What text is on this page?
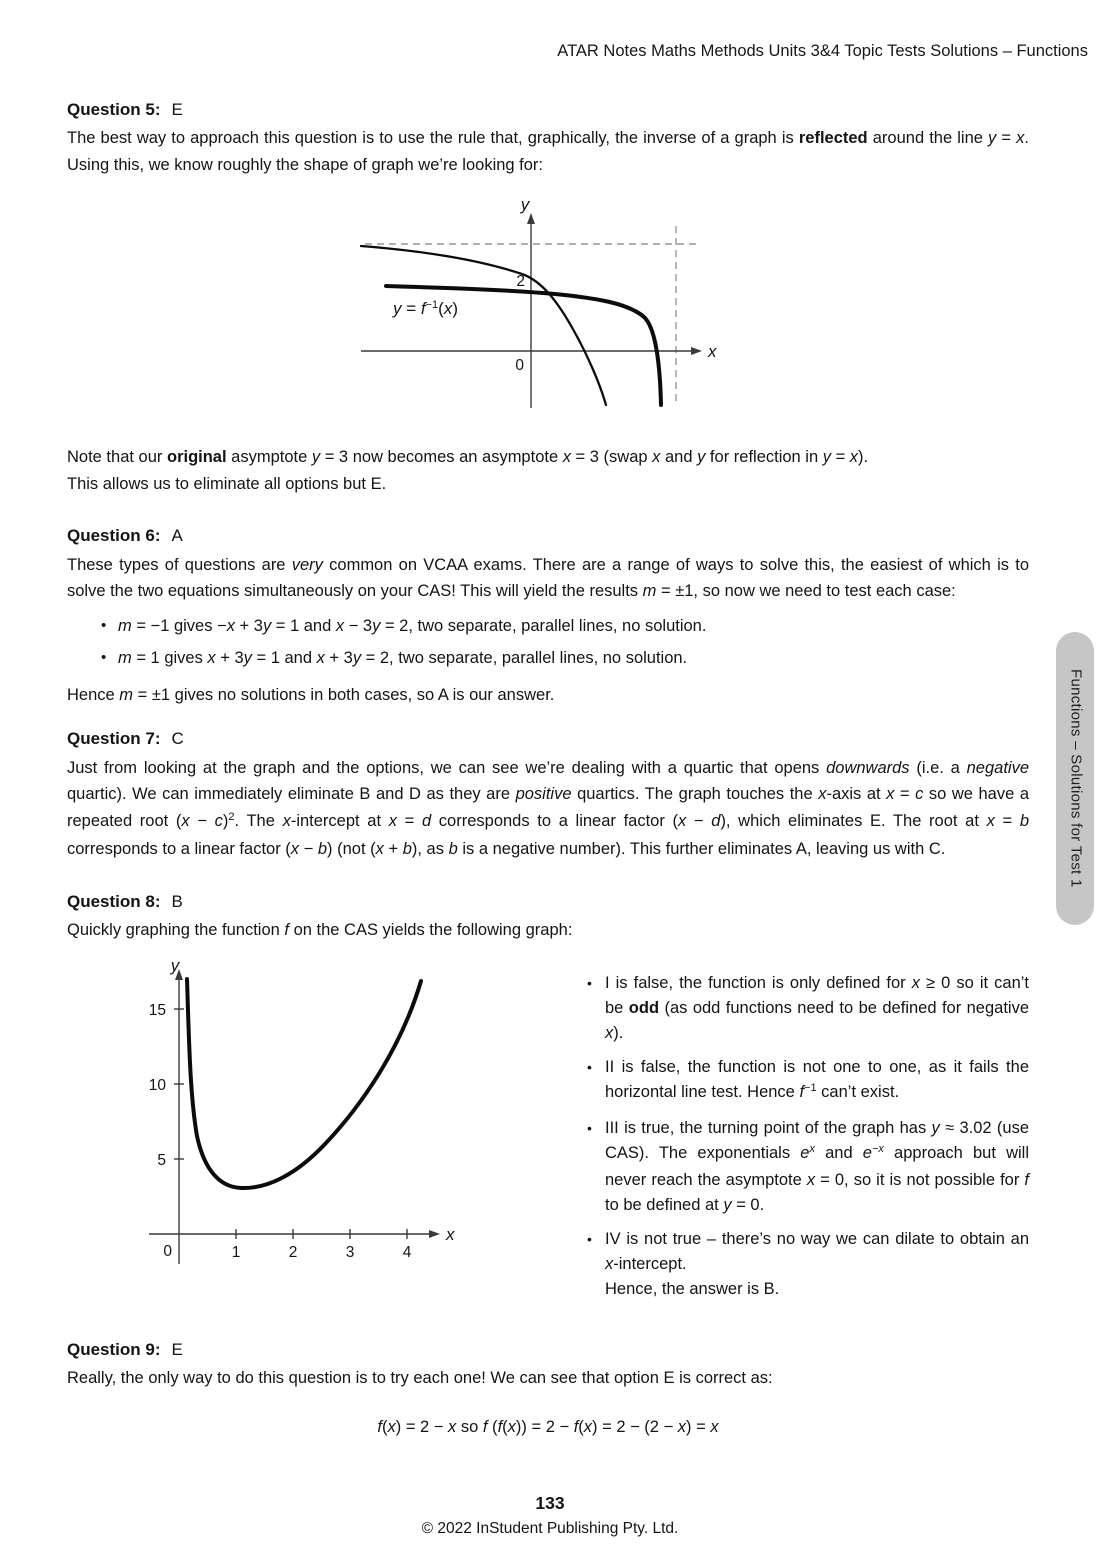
ATAR Notes Maths Methods Units 3&4 Topic Tests Solutions – Functions
Question 5: E

The best way to approach this question is to use the rule that, graphically, the inverse of a graph is reflected around the line y = x. Using this, we know roughly the shape of graph we’re looking for:

y
x
2
0
$y = f^{-1}(x)$

Note that our original asymptote y = 3 now becomes an asymptote x = 3 (swap x and y for reflection in y = x).
This allows us to eliminate all options but E.

Question 6: A

These types of questions are very common on VCAA exams. There are a range of ways to solve this, the easiest of which is to solve the two equations simultaneously on your CAS! This will yield the results m = ±1, so now we need to test each case:

• m = −1 gives −x + 3y = 1 and x − 3y = 2, two separate, parallel lines, no solution.
• m = 1 gives x + 3y = 1 and x + 3y = 2, two separate, parallel lines, no solution.

Hence m = ±1 gives no solutions in both cases, so A is our answer.

Question 7: C

Just from looking at the graph and the options, we can see we’re dealing with a quartic that opens downwards (i.e. a negative quartic). We can immediately eliminate B and D as they are positive quartics. The graph touches the x-axis at x = c so we have a repeated root $(x - c)^2$. The x-intercept at x = d corresponds to a linear factor (x − d), which eliminates E. The root at x = b corresponds to a linear factor (x − b) (not (x + b), as b is a negative number). This further eliminates A, leaving us with C.

Question 8: B

Quickly graphing the function f on the CAS yields the following graph:

y
x
15
10
5
0	1	2	3	4
• I is false, the function is only defined for x ≥ 0 so it can’t be odd (as odd functions need to be defined for negative x).
• II is false, the function is not one to one, as it fails the horizontal line test. Hence $f^{-1}$ can’t exist.
• III is true, the turning point of the graph has y ≈ 3.02 (use CAS). The exponentials $e^x$ and $e^{-x}$ approach but will never reach the asymptote x = 0, so it is not possible for f to be defined at y = 0.
• IV is not true – there’s no way we can dilate to obtain an x-intercept.
Hence, the answer is B.
Question 9: E

Really, the only way to do this question is to try each one! We can see that option E is correct as:

f(x) = 2 − x so f (f(x)) = 2 − f(x) = 2 − (2 − x) = x
133
© 2022 InStudent Publishing Pty. Ltd.
Functions – Solutions for Test 1
